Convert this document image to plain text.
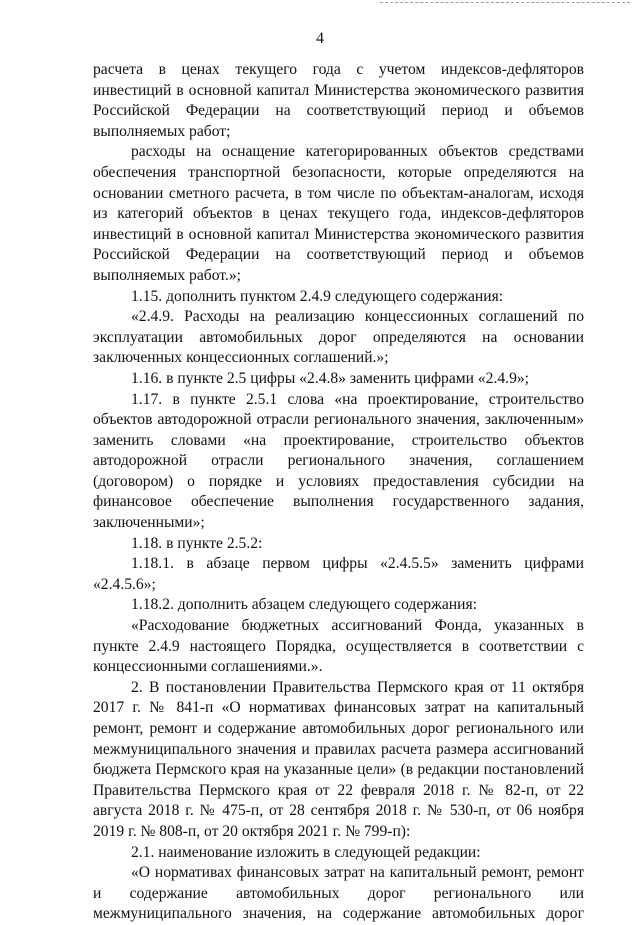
4

расчета в ценах текущего года с учетом индексов-дефляторов инвестиций в основной капитал Министерства экономического развития Российской Федерации на соответствующий период и объемов выполняемых работ;

расходы на оснащение категорированных объектов средствами обеспечения транспортной безопасности, которые определяются на основании сметного расчета, в том числе по объектам-аналогам, исходя из категорий объектов в ценах текущего года, индексов-дефляторов инвестиций в основной капитал Министерства экономического развития Российской Федерации на соответствующий период и объемов выполняемых работ.»;

1.15. дополнить пунктом 2.4.9 следующего содержания:

«2.4.9. Расходы на реализацию концессионных соглашений по эксплуатации автомобильных дорог определяются на основании заключенных концессионных соглашений.»;

1.16. в пункте 2.5 цифры «2.4.8» заменить цифрами «2.4.9»;

1.17. в пункте 2.5.1 слова «на проектирование, строительство объектов автодорожной отрасли регионального значения, заключенным» заменить словами «на проектирование, строительство объектов автодорожной отрасли регионального значения, соглашением (договором) о порядке и условиях предоставления субсидии на финансовое обеспечение выполнения государственного задания, заключенными»;

1.18. в пункте 2.5.2:

1.18.1. в абзаце первом цифры «2.4.5.5» заменить цифрами «2.4.5.6»;

1.18.2. дополнить абзацем следующего содержания:

«Расходование бюджетных ассигнований Фонда, указанных в пункте 2.4.9 настоящего Порядка, осуществляется в соответствии с концессионными соглашениями.».

2. В постановлении Правительства Пермского края от 11 октября 2017 г. № 841-п «О нормативах финансовых затрат на капитальный ремонт, ремонт и содержание автомобильных дорог регионального или межмуниципального значения и правилах расчета размера ассигнований бюджета Пермского края на указанные цели» (в редакции постановлений Правительства Пермского края от 22 февраля 2018 г. № 82-п, от 22 августа 2018 г. № 475-п, от 28 сентября 2018 г. № 530-п, от 06 ноября 2019 г. № 808-п, от 20 октября 2021 г. № 799-п):

2.1. наименование изложить в следующей редакции:

«О нормативах финансовых затрат на капитальный ремонт, ремонт и содержание автомобильных дорог регионального или межмуниципального значения, на содержание автомобильных дорог
